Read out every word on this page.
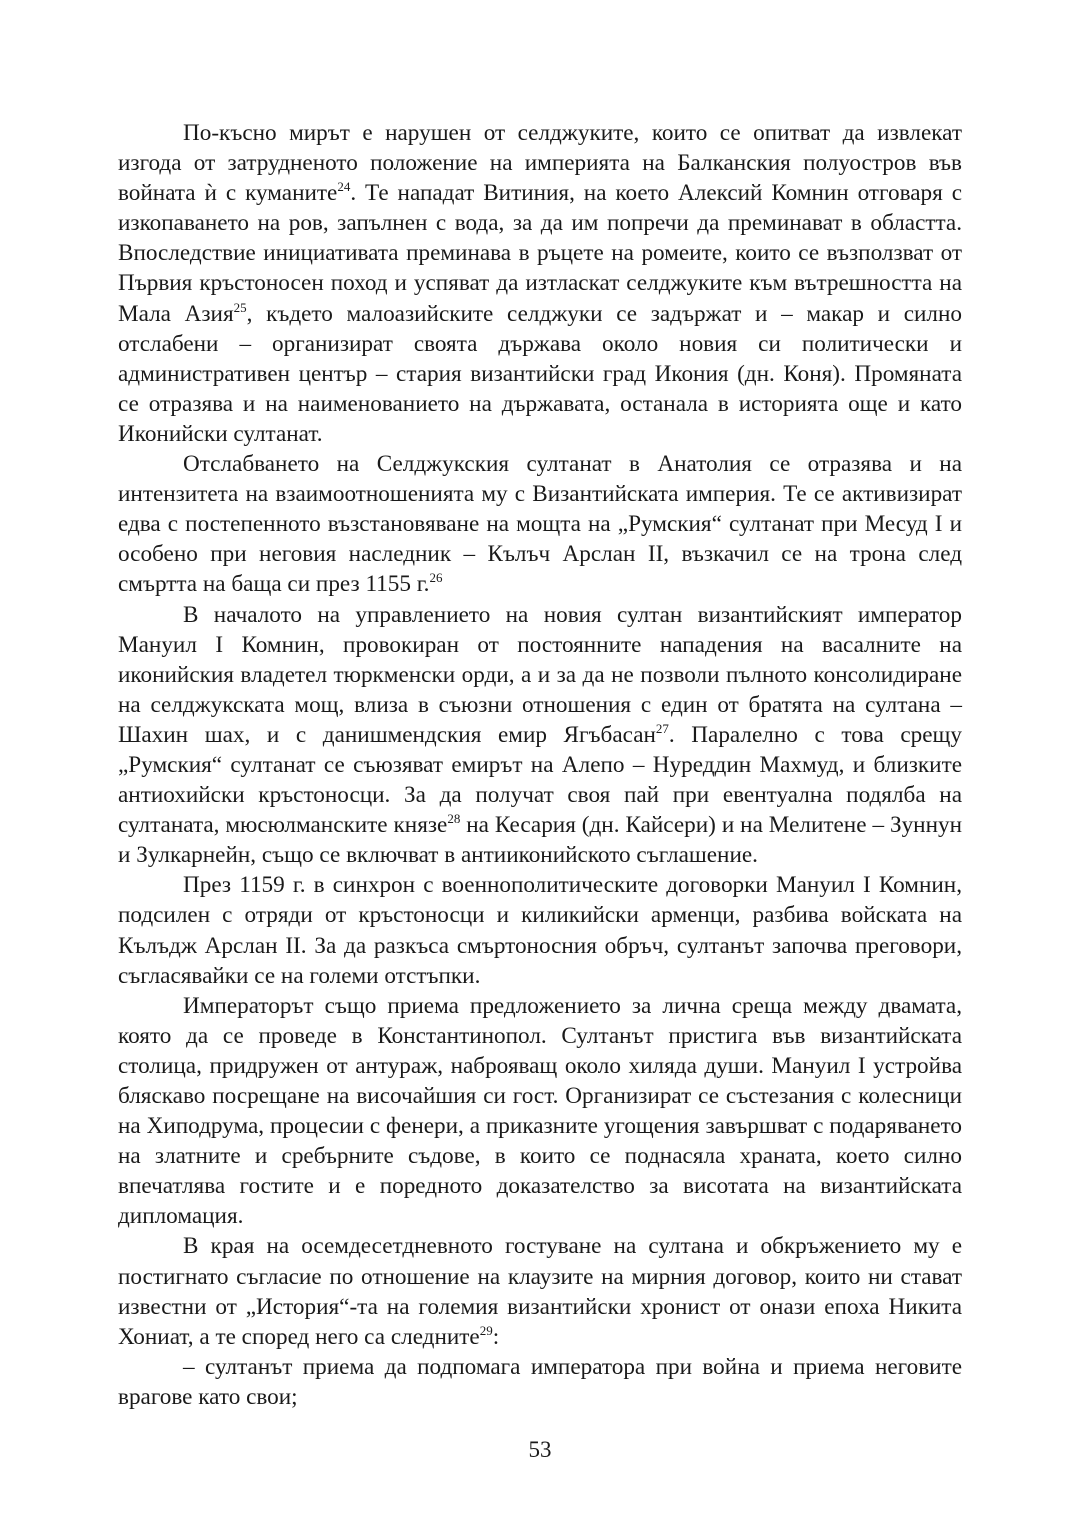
По-късно мирът е нарушен от селджуките, които се опитват да извлекат изгода от затрудненото положение на империята на Балканския полуостров във войната ѝ с куманите$^{24}$. Те нападат Витиния, на което Алексий Комнин отговаря с изкопаването на ров, запълнен с вода, за да им попречи да преминават в областта. Впоследствие инициативата преминава в ръцете на ромеите, които се възползват от Първия кръстоносен поход и успяват да изтласкат селджуките към вътрешността на Мала Азия$^{25}$, където малоазийските селджуки се задържат и – макар и силно отслабени – организират своята държава около новия си политически и административен център – стария византийски град Икония (дн. Коня). Промяната се отразява и на наименованието на държавата, останала в историята още и като Иконийски султанат.

Отслабването на Селджукския султанат в Анатолия се отразява и на интензитета на взаимоотношенията му с Византийската империя. Те се активизират едва с постепенното възстановяване на мощта на „Румския“ султанат при Месуд I и особено при неговия наследник – Кълъч Арслан II, възкачил се на трона след смъртта на баща си през 1155 г.$^{26}$

В началото на управлението на новия султан византийският император Мануил I Комнин, провокиран от постоянните нападения на васалните на иконийския владетел тюркменски орди, а и за да не позволи пълното консолидиране на селджукската мощ, влиза в съюзни отношения с един от братята на султана – Шахин шах, и с данишмендския емир Ягъбасан$^{27}$. Паралелно с това срещу „Румския“ султанат се съюзяват емирът на Алепо – Нуреддин Махмуд, и близките антиохийски кръстоносци. За да получат своя пай при евентуална подялба на султаната, мюсюлманските князе$^{28}$ на Кесария (дн. Кайсери) и на Мелитене – Зуннун и Зулкарнейн, също се включват в антииконийското съглашение.

През 1159 г. в синхрон с военнополитическите договорки Мануил I Комнин, подсилен с отряди от кръстоносци и киликийски арменци, разбива войската на Кълъдж Арслан II. За да разкъса смъртоносния обръч, султанът започва преговори, съгласявайки се на големи отстъпки.

Императорът също приема предложението за лична среща между двамата, която да се проведе в Константинопол. Султанът пристига във византийската столица, придружен от антураж, наброяващ около хиляда души. Мануил I устройва бляскаво посрещане на височайшия си гост. Организират се състезания с колесници на Хиподрума, процесии с фенери, а приказните угощения завършват с подаряването на златните и сребърните съдове, в които се поднасяла храната, което силно впечатлява гостите и е поредното доказателство за висотата на византийската дипломация.

В края на осемдесетдневното гостуване на султана и обкръжението му е постигнато съгласие по отношение на клаузите на мирния договор, които ни стават известни от „История“-та на големия византийски хронист от онази епоха Никита Хониат, а те според него са следните$^{29}$:

– султанът приема да подпомага императора при война и приема неговите врагове като свои;

53
